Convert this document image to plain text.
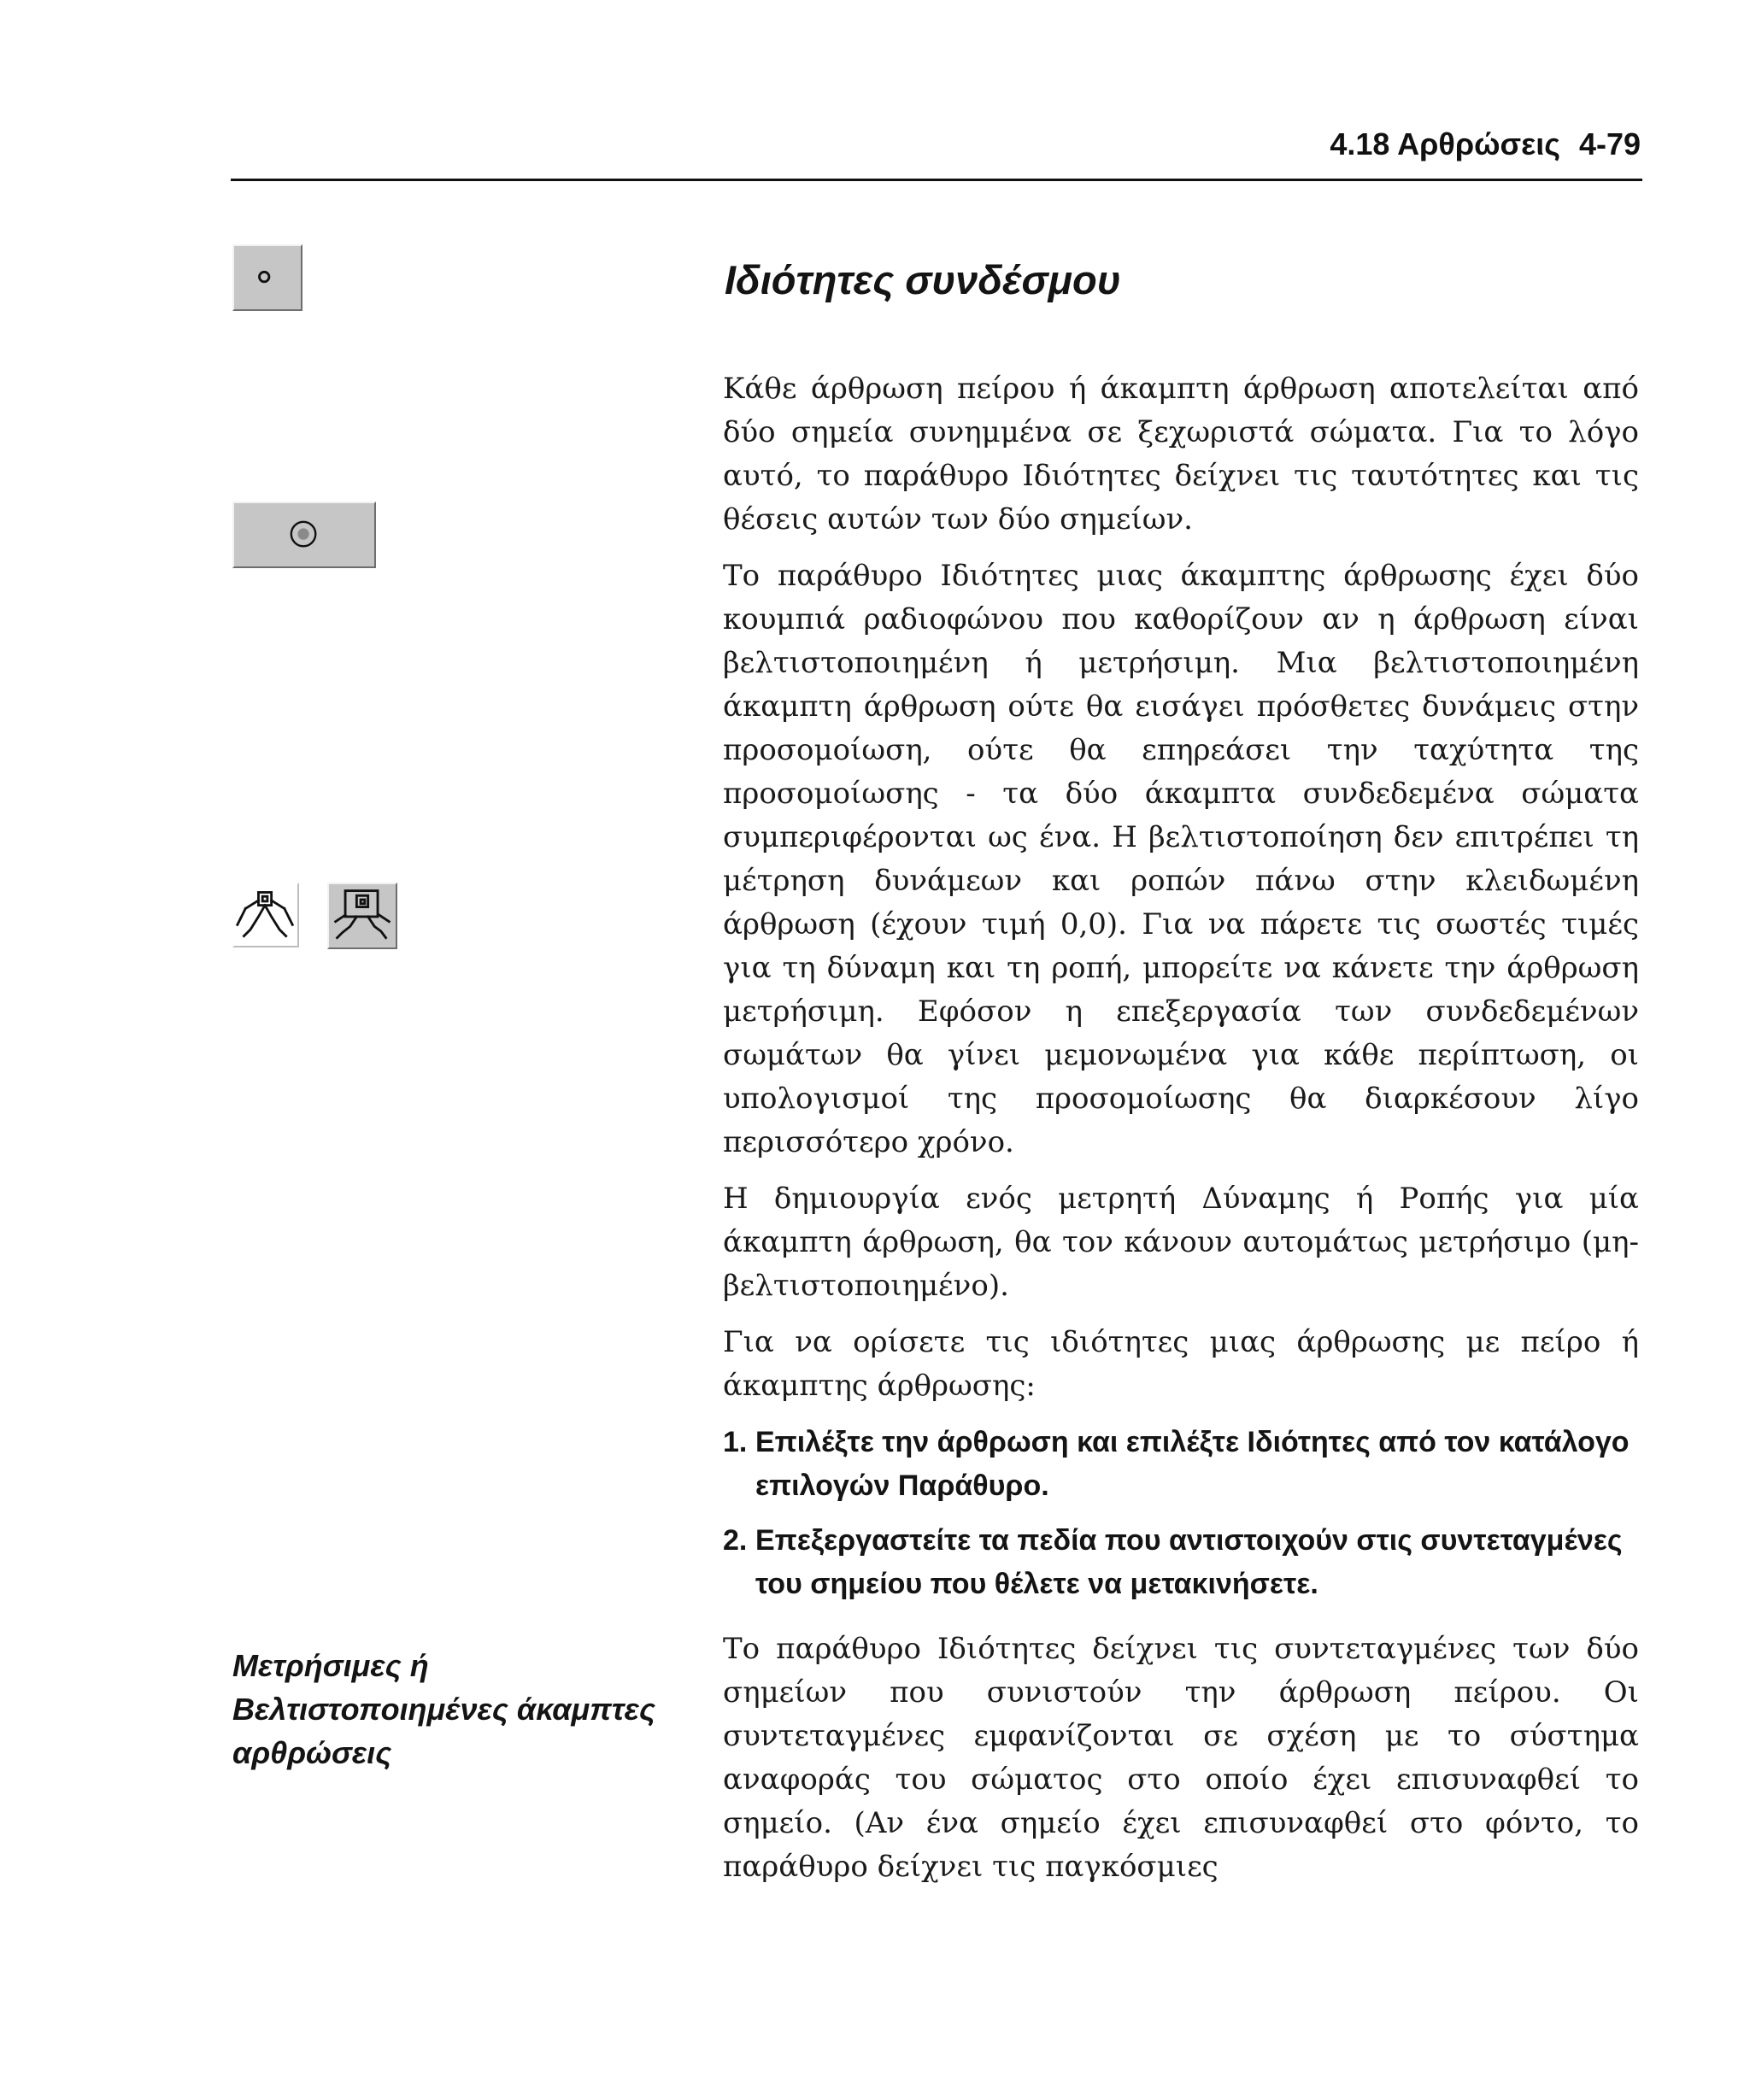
4.18 Αρθρώσεις 4-79
Ιδιότητες συνδέσμου

Κάθε άρθρωση πείρου ή άκαμπτη άρθρωση αποτελείται από δύο σημεία συνημμένα σε ξεχωριστά σώματα. Για το λόγο αυτό, το παράθυρο Ιδιότητες δείχνει τις ταυτότητες και τις θέσεις αυτών των δύο σημείων.

Το παράθυρο Ιδιότητες μιας άκαμπτης άρθρωσης έχει δύο κουμπιά ραδιοφώνου που καθορίζουν αν η άρθρωση είναι βελτιστοποιημένη ή μετρήσιμη. Μια βελτιστοποιημένη άκαμπτη άρθρωση ούτε θα εισάγει πρόσθετες δυνάμεις στην προσομοίωση, ούτε θα επηρεάσει την ταχύτητα της προσομοίωσης - τα δύο άκαμπτα συνδεδεμένα σώματα συμπεριφέρονται ως ένα. Η βελτιστοποίηση δεν επιτρέπει τη μέτρηση δυνάμεων και ροπών πάνω στην κλειδωμένη άρθρωση (έχουν τιμή 0,0). Για να πάρετε τις σωστές τιμές για τη δύναμη και τη ροπή, μπορείτε να κάνετε την άρθρωση μετρήσιμη. Εφόσον η επεξεργασία των συνδεδεμένων σωμάτων θα γίνει μεμονωμένα για κάθε περίπτωση, οι υπολογισμοί της προσομοίωσης θα διαρκέσουν λίγο περισσότερο χρόνο.

Η δημιουργία ενός μετρητή Δύναμης ή Ροπής για μία άκαμπτη άρθρωση, θα τον κάνουν αυτομάτως μετρήσιμο (μη-βελτιστοποιημένο).

Για να ορίσετε τις ιδιότητες μιας άρθρωσης με πείρο ή άκαμπτης άρθρωσης:

1. Επιλέξτε την άρθρωση και επιλέξτε Ιδιότητες από τον κατάλογο επιλογών Παράθυρο.
2. Επεξεργαστείτε τα πεδία που αντιστοιχούν στις συντεταγμένες του σημείου που θέλετε να μετακινήσετε.
Μετρήσιμες ή
Βελτιστοποιημένες άκαμπτες
αρθρώσεις

Το παράθυρο Ιδιότητες δείχνει τις συντεταγμένες των δύο σημείων που συνιστούν την άρθρωση πείρου. Οι συντεταγμένες εμφανίζονται σε σχέση με το σύστημα αναφοράς του σώματος στο οποίο έχει επισυναφθεί το σημείο. (Αν ένα σημείο έχει επισυναφθεί στο φόντο, το παράθυρο δείχνει τις παγκόσμιες
